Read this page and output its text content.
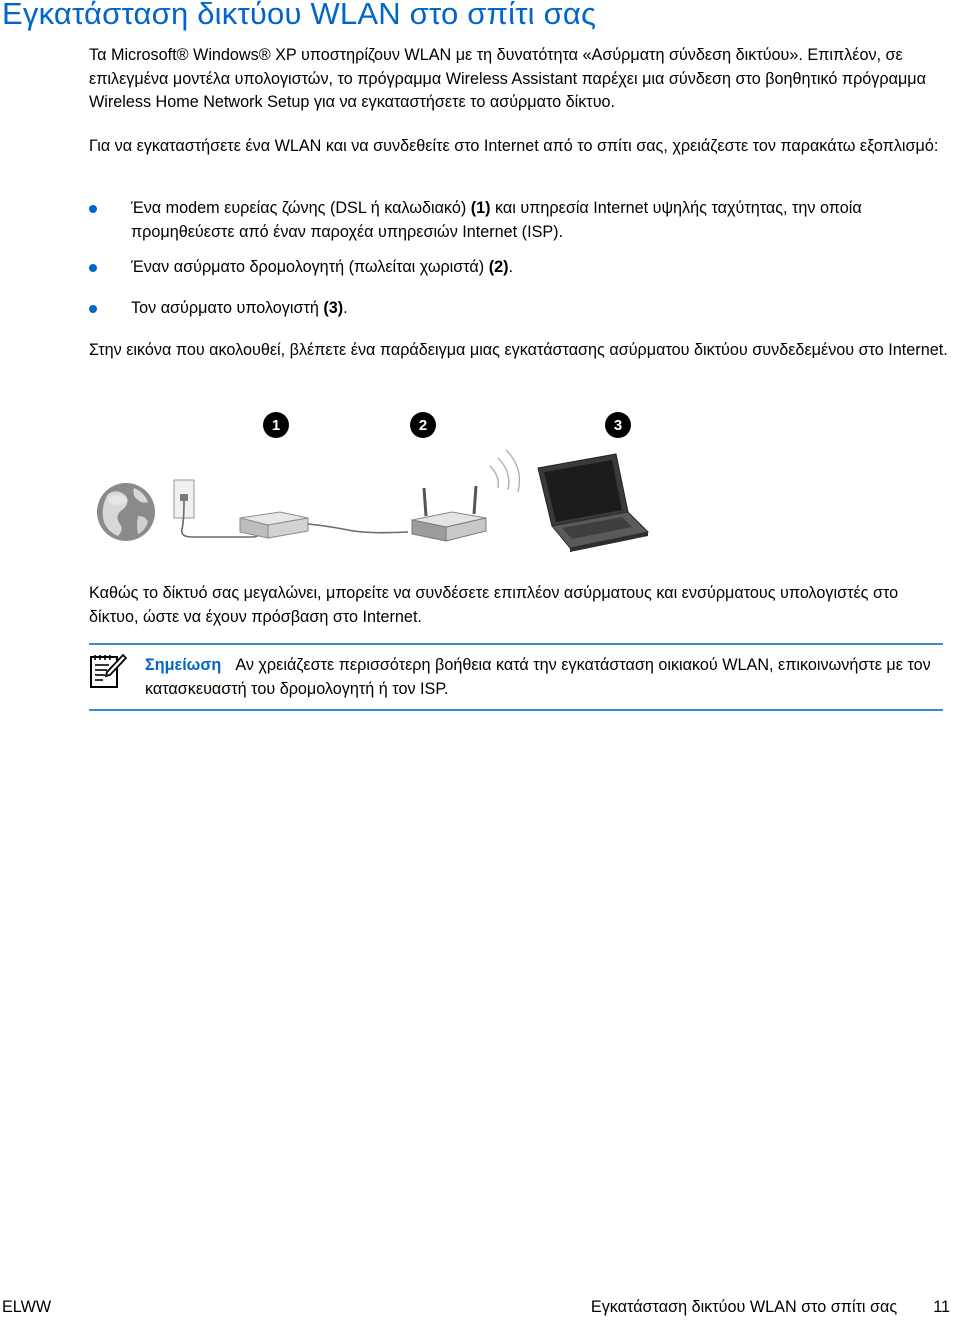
Εγκατάσταση δικτύου WLAN στο σπίτι σας

Τα Microsoft® Windows® XP υποστηρίζουν WLAN με τη δυνατότητα «Ασύρματη σύνδεση δικτύου». Επιπλέον, σε επιλεγμένα μοντέλα υπολογιστών, το πρόγραμμα Wireless Assistant παρέχει μια σύνδεση στο βοηθητικό πρόγραμμα Wireless Home Network Setup για να εγκαταστήσετε το ασύρματο δίκτυο.

Για να εγκαταστήσετε ένα WLAN και να συνδεθείτε στο Internet από το σπίτι σας, χρειάζεστε τον παρακάτω εξοπλισμό:

Ένα modem ευρείας ζώνης (DSL ή καλωδιακό) (1) και υπηρεσία Internet υψηλής ταχύτητας, την οποία προμηθεύεστε από έναν παροχέα υπηρεσιών Internet (ISP).
Έναν ασύρματο δρομολογητή (πωλείται χωριστά) (2).
Τον ασύρματο υπολογιστή (3).

Στην εικόνα που ακολουθεί, βλέπετε ένα παράδειγμα μιας εγκατάστασης ασύρματου δικτύου συνδεδεμένου στο Internet.

1	2	3

Καθώς το δίκτυό σας μεγαλώνει, μπορείτε να συνδέσετε επιπλέον ασύρματους και ενσύρματους υπολογιστές στο δίκτυο, ώστε να έχουν πρόσβαση στο Internet.

Σημείωση Αν χρειάζεστε περισσότερη βοήθεια κατά την εγκατάσταση οικιακού WLAN, επικοινωνήστε με τον κατασκευαστή του δρομολογητή ή τον ISP.

ELWW	Εγκατάσταση δικτύου WLAN στο σπίτι σας 11
